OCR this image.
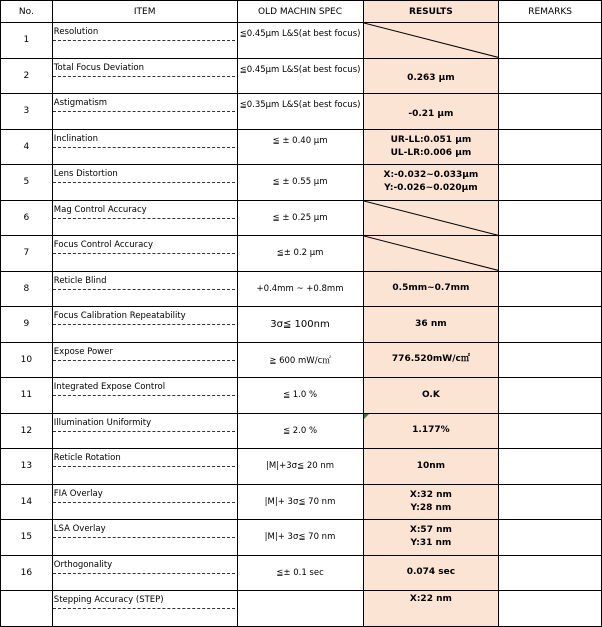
No.	ITEM	OLD MACHIN SPEC	RESULTS	REMARKS
1	Resolution	≦0.45μm L&S(at best focus)	

2	Total Focus Deviation	≦0.45μm L&S(at best focus)	0.263 μm	

3	Astigmatism	≦0.35μm L&S(at best focus)	-0.21 μm	

4	Inclination	≦ ± 0.40 μm	UR-LL:0.051 μm
UL-LR:0.006 μm	

5	Lens Distortion	≦ ± 0.55 μm	X:-0.032~0.033μm
Y:-0.026~0.020μm	

6	Mag Control Accuracy	≦ ± 0.25 μm	

7	Focus Control Accuracy	≦± 0.2 μm	

8	Reticle Blind	+0.4mm ~ +0.8mm	0.5mm~0.7mm	

9	Focus Calibration Repeatability	3σ≦ 100nm	36 nm	

10	Expose Power	≧ 600 mW/c㎡	776.520mW/c㎡	

11	Integrated Expose Control	≦ 1.0 %	O.K	

12	Illumination Uniformity	≦ 2.0 %	1.177%	

13	Reticle Rotation	|M|+3σ≦ 20 nm	10nm	

14	FIA Overlay	|M|+ 3σ≦ 70 nm	X:32 nm
Y:28 nm	

15	LSA Overlay	|M|+ 3σ≦ 70 nm	X:57 nm
Y:31 nm	

16	Orthogonality	≦± 0.1 sec	0.074 sec	

	Stepping Accuracy (STEP)		X:22 nm	
